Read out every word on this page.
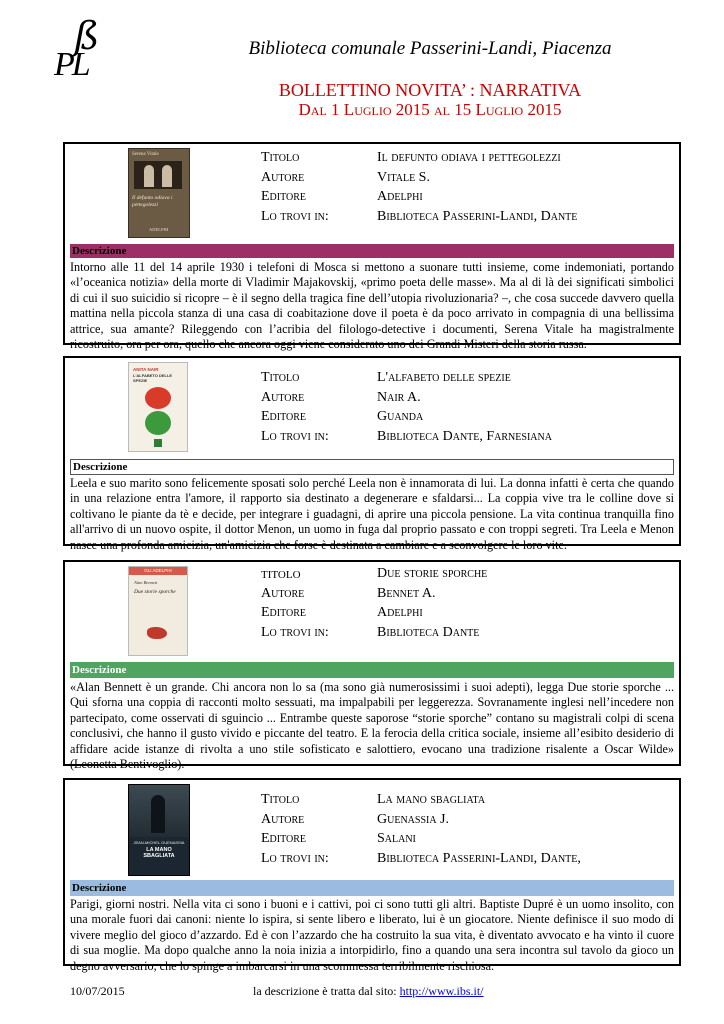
ß
PL	Biblioteca comunale Passerini-Landi, Piacenza
BOLLETTINO NOVITA’ : NARRATIVA
Dal 1 Luglio 2015 al 15 Luglio 2015
Serena Vitale
Il defunto odiava i pettegolezzi
ADELPHI
Titolo	Il defunto odiava i pettegolezzi
Autore	Vitale S.
Editore	Adelphi
Lo trovi in:	Biblioteca Passerini-Landi, Dante
Descrizione
Intorno alle 11 del 14 aprile 1930 i telefoni di Mosca si mettono a suonare tutti insieme, come indemoniati, portando «l’oceanica notizia» della morte di Vladimir Majakovskij, «primo poeta delle masse». Ma al di là dei significati simbolici di cui il suo suicidio si ricopre – è il segno della tragica fine dell’utopia rivoluzionaria? –, che cosa succede davvero quella mattina nella piccola stanza di una casa di coabitazione dove il poeta è da poco arrivato in compagnia di una bellissima attrice, sua amante? Rileggendo con l’acribia del filologo-detective i documenti, Serena Vitale ha magistralmente ricostruito, ora per ora, quello che ancora oggi viene considerato uno dei Grandi Misteri della storia russa.
ANITA NAIR
L'ALFABETO DELLE SPEZIE	Titolo	L'alfabeto delle spezie
Autore	Nair A.
Editore	Guanda
Lo trovi in:	Biblioteca Dante, Farnesiana
Descrizione
Leela e suo marito sono felicemente sposati solo perché Leela non è innamorata di lui. La donna infatti è certa che quando in una relazione entra l'amore, il rapporto sia destinato a degenerare e sfaldarsi... La coppia vive tra le colline dove si coltivano le piante da tè e decide, per integrare i guadagni, di aprire una piccola pensione. La vita continua tranquilla fino all'arrivo di un nuovo ospite, il dottor Menon, un uomo in fuga dal proprio passato e con troppi segreti. Tra Leela e Menon nasce una profonda amicizia, un'amicizia che forse è destinata a cambiare e a sconvolgere le loro vite.
GLI ADELPHI
Alan Bennett
Due storie sporche
TITOLO	Due storie sporche
Autore	Bennet A.
Editore	Adelphi
Lo trovi in:	Biblioteca Dante
Descrizione
«Alan Bennett è un grande. Chi ancora non lo sa (ma sono già numerosissimi i suoi adepti), legga Due storie sporche ... Qui sforna una coppia di racconti molto sessuati, ma impalpabili per leggerezza. Sovranamente inglesi nell’incedere non partecipato, come osservati di sguincio ... Entrambe queste saporose “storie sporche” contano su magistrali colpi di scena conclusivi, che hanno il gusto vivido e piccante del teatro. E la ferocia della critica sociale, insieme all’esibito desiderio di affidare acide istanze di rivolta a uno stile sofisticato e salottiero, evocano una tradizione risalente a Oscar Wilde» (Leonetta Bentivoglio).
JEAN-MICHEL GUENASSIA
LA MANO SBAGLIATA
Titolo	La mano sbagliata
Autore	Guenassia J.
Editore	Salani
Lo trovi in:	Biblioteca Passerini-Landi, Dante,
Descrizione
Parigi, giorni nostri. Nella vita ci sono i buoni e i cattivi, poi ci sono tutti gli altri. Baptiste Dupré è un uomo insolito, con una morale fuori dai canoni: niente lo ispira, si sente libero e liberato, lui è un giocatore. Niente definisce il suo modo di vivere meglio del gioco d’azzardo. Ed è con l’azzardo che ha costruito la sua vita, è diventato avvocato e ha vinto il cuore di sua moglie. Ma dopo qualche anno la noia inizia a intorpidirlo, fino a quando una sera incontra sul tavolo da gioco un degno avversario, che lo spinge a imbarcarsi in una scommessa terribilmente rischiosa.
10/07/2015	la descrizione è tratta dal sito: http://www.ibs.it/
